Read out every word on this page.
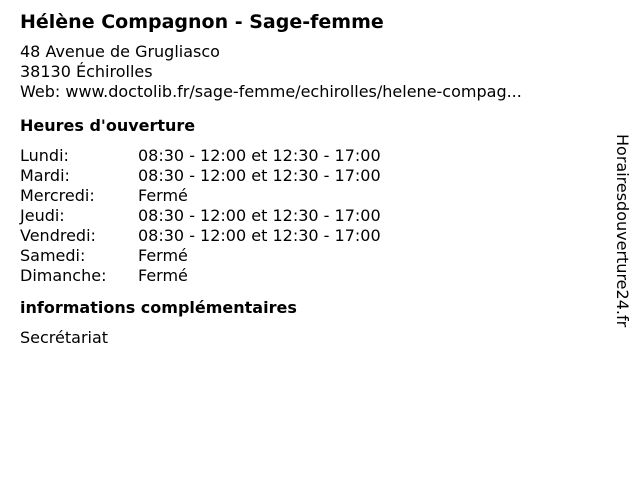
Hélène Compagnon - Sage-femme
48 Avenue de Grugliasco
38130 Échirolles
Web: www.doctolib.fr/sage-femme/echirolles/helene-compag...
Heures d'ouverture
Lundi:	08:30 - 12:00 et 12:30 - 17:00
Mardi:	08:30 - 12:00 et 12:30 - 17:00
Mercredi:	Fermé
Jeudi:	08:30 - 12:00 et 12:30 - 17:00
Vendredi:	08:30 - 12:00 et 12:30 - 17:00
Samedi:	Fermé
Dimanche:	Fermé
informations complémentaires
Secrétariat
Horairesdouverture24.fr
